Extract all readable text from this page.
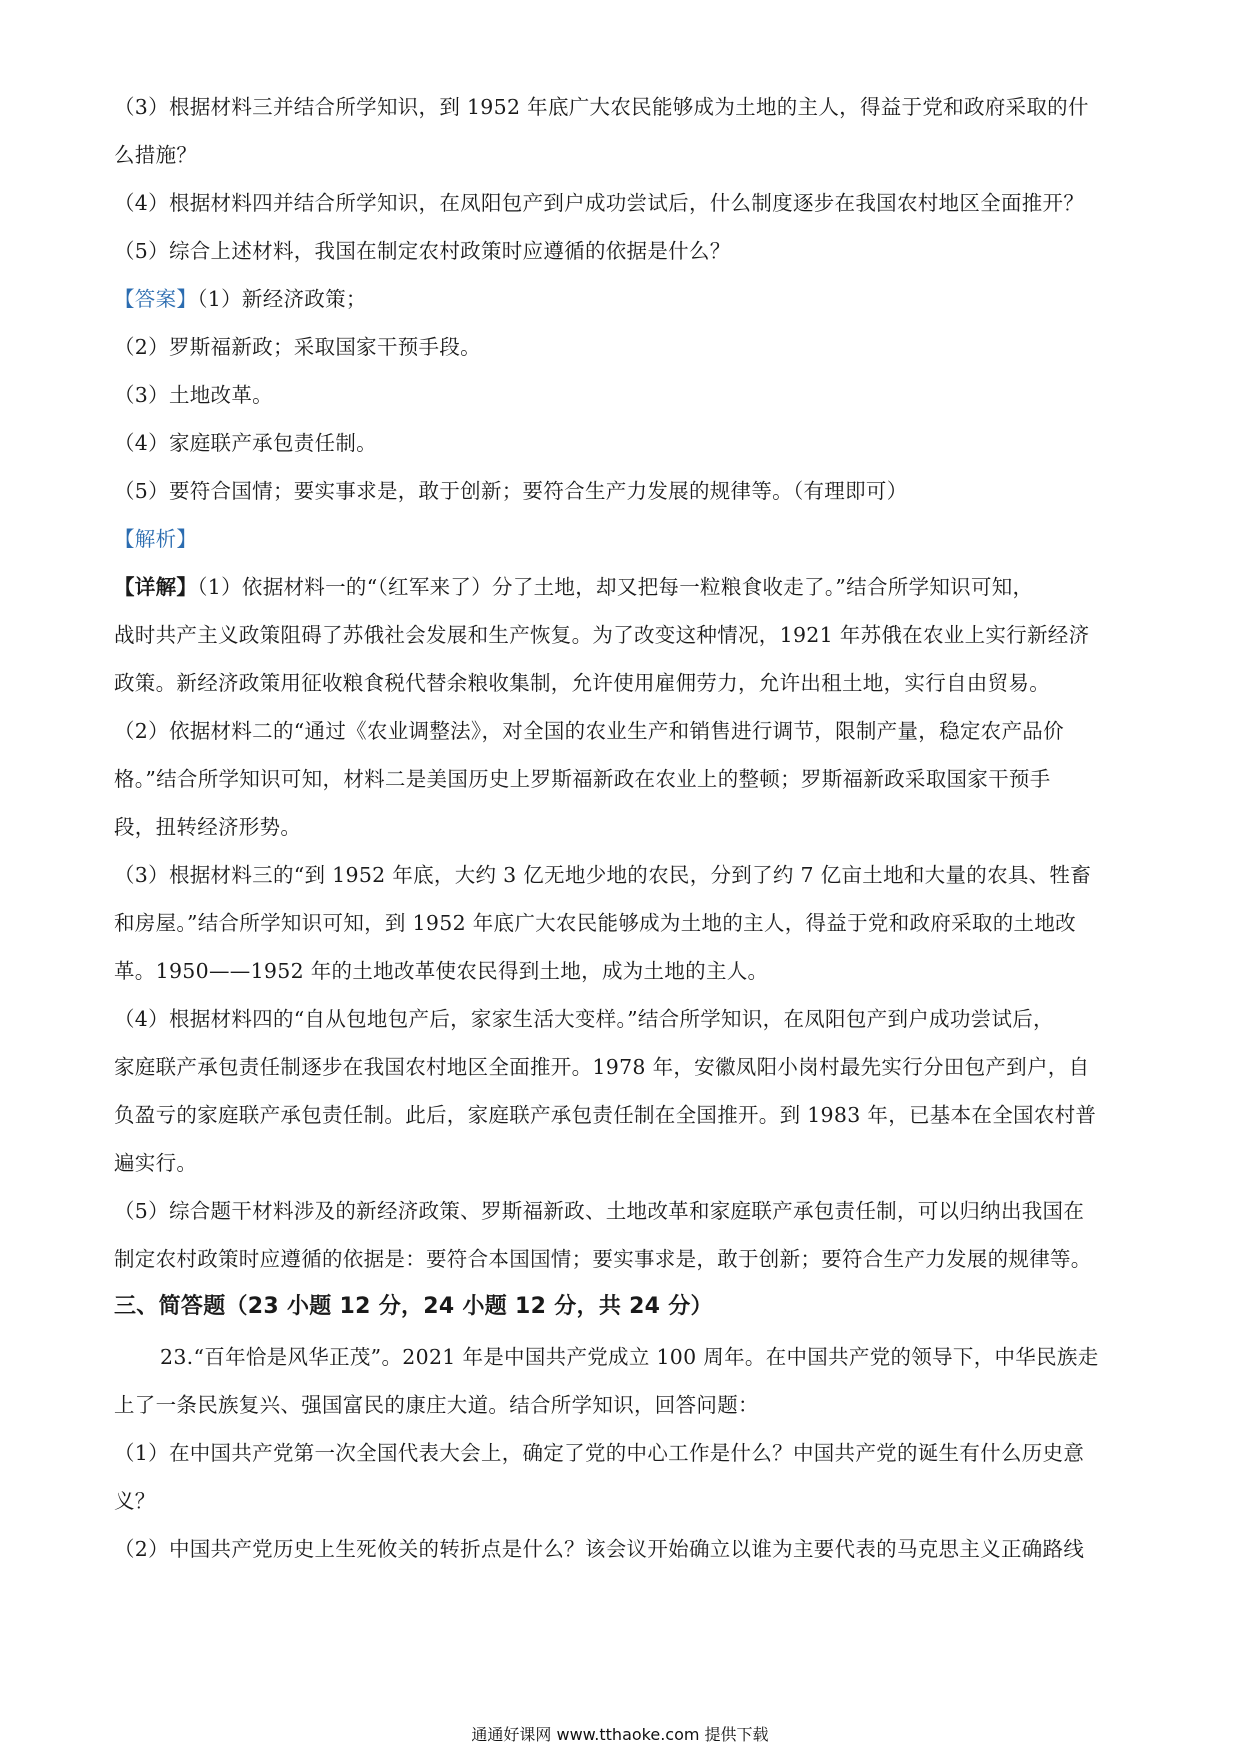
（3）根据材料三并结合所学知识，到 1952 年底广大农民能够成为土地的主人，得益于党和政府采取的什
么措施？
（4）根据材料四并结合所学知识，在凤阳包产到户成功尝试后，什么制度逐步在我国农村地区全面推开？
（5）综合上述材料，我国在制定农村政策时应遵循的依据是什么？
【答案】（1）新经济政策；
（2）罗斯福新政；采取国家干预手段。
（3）土地改革。
（4）家庭联产承包责任制。
（5）要符合国情；要实事求是，敢于创新；要符合生产力发展的规律等。（有理即可）
【解析】
【详解】（1）依据材料一的“（红军来了）分了土地，却又把每一粒粮食收走了。”结合所学知识可知，
战时共产主义政策阻碍了苏俄社会发展和生产恢复。为了改变这种情况，1921 年苏俄在农业上实行新经济
政策。新经济政策用征收粮食税代替余粮收集制，允许使用雇佣劳力，允许出租土地，实行自由贸易。
（2）依据材料二的“通过《农业调整法》，对全国的农业生产和销售进行调节，限制产量，稳定农产品价
格。”结合所学知识可知，材料二是美国历史上罗斯福新政在农业上的整顿；罗斯福新政采取国家干预手
段，扭转经济形势。
（3）根据材料三的“到 1952 年底，大约 3 亿无地少地的农民，分到了约 7 亿亩土地和大量的农具、牲畜
和房屋。”结合所学知识可知，到 1952 年底广大农民能够成为土地的主人，得益于党和政府采取的土地改
革。1950——1952 年的土地改革使农民得到土地，成为土地的主人。
（4）根据材料四的“自从包地包产后，家家生活大变样。”结合所学知识，在凤阳包产到户成功尝试后，
家庭联产承包责任制逐步在我国农村地区全面推开。1978 年，安徽凤阳小岗村最先实行分田包产到户，自
负盈亏的家庭联产承包责任制。此后，家庭联产承包责任制在全国推开。到 1983 年，已基本在全国农村普
遍实行。
（5）综合题干材料涉及的新经济政策、罗斯福新政、土地改革和家庭联产承包责任制，可以归纳出我国在
制定农村政策时应遵循的依据是：要符合本国国情；要实事求是，敢于创新；要符合生产力发展的规律等。
三、简答题（23 小题 12 分，24 小题 12 分，共 24 分）
23.“百年恰是风华正茂”。2021 年是中国共产党成立 100 周年。在中国共产党的领导下，中华民族走
上了一条民族复兴、强国富民的康庄大道。结合所学知识，回答问题：
（1）在中国共产党第一次全国代表大会上，确定了党的中心工作是什么？中国共产党的诞生有什么历史意
义？
（2）中国共产党历史上生死攸关的转折点是什么？该会议开始确立以谁为主要代表的马克思主义正确路线
通通好课网 www.tthaoke.com 提供下载
